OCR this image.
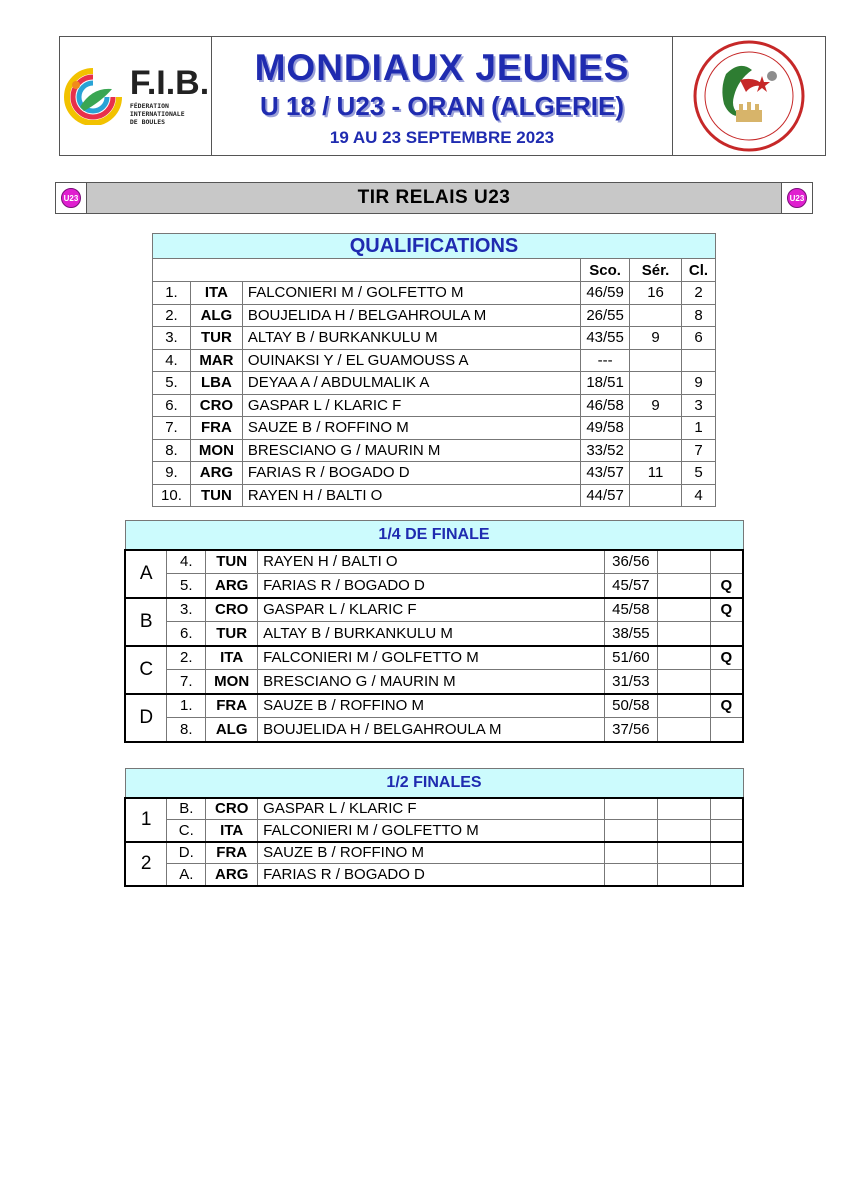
F.I.B.
FÉDERATION
INTERNATIONALE
DE BOULES
MONDIAUX JEUNES
U 18 / U23 - ORAN (ALGERIE)
19 AU 23 SEPTEMBRE 2023
U23	TIR RELAIS U23	U23
QUALIFICATIONS					
			Sco.	Sér.	Cl.
1.	ITA	FALCONIERI M / GOLFETTO M	46/59	16	2
2.	ALG	BOUJELIDA H / BELGAHROULA M	26/55		8
3.	TUR	ALTAY B / BURKANKULU M	43/55	9	6
4.	MAR	OUINAKSI Y / EL GUAMOUSS A	---		
5.	LBA	DEYAA A / ABDULMALIK A	18/51		9
6.	CRO	GASPAR L / KLARIC F	46/58	9	3
7.	FRA	SAUZE B / ROFFINO M	49/58		1
8.	MON	BRESCIANO G / MAURIN M	33/52		7
9.	ARG	FARIAS R / BOGADO D	43/57	11	5
10.	TUN	RAYEN H / BALTI O	44/57		4
1/4 DE FINALE						
A	4.	TUN	RAYEN H / BALTI O	36/56		
	5.	ARG	FARIAS R / BOGADO D	45/57		Q
B	3.	CRO	GASPAR L / KLARIC F	45/58		Q
	6.	TUR	ALTAY B / BURKANKULU M	38/55		
C	2.	ITA	FALCONIERI M / GOLFETTO M	51/60		Q
	7.	MON	BRESCIANO G / MAURIN M	31/53		
D	1.	FRA	SAUZE B / ROFFINO M	50/58		Q
	8.	ALG	BOUJELIDA H / BELGAHROULA M	37/56		
1/2 FINALES						
1	B.	CRO	GASPAR L / KLARIC F			
	C.	ITA	FALCONIERI M / GOLFETTO M			
2	D.	FRA	SAUZE B / ROFFINO M			
	A.	ARG	FARIAS R / BOGADO D			
